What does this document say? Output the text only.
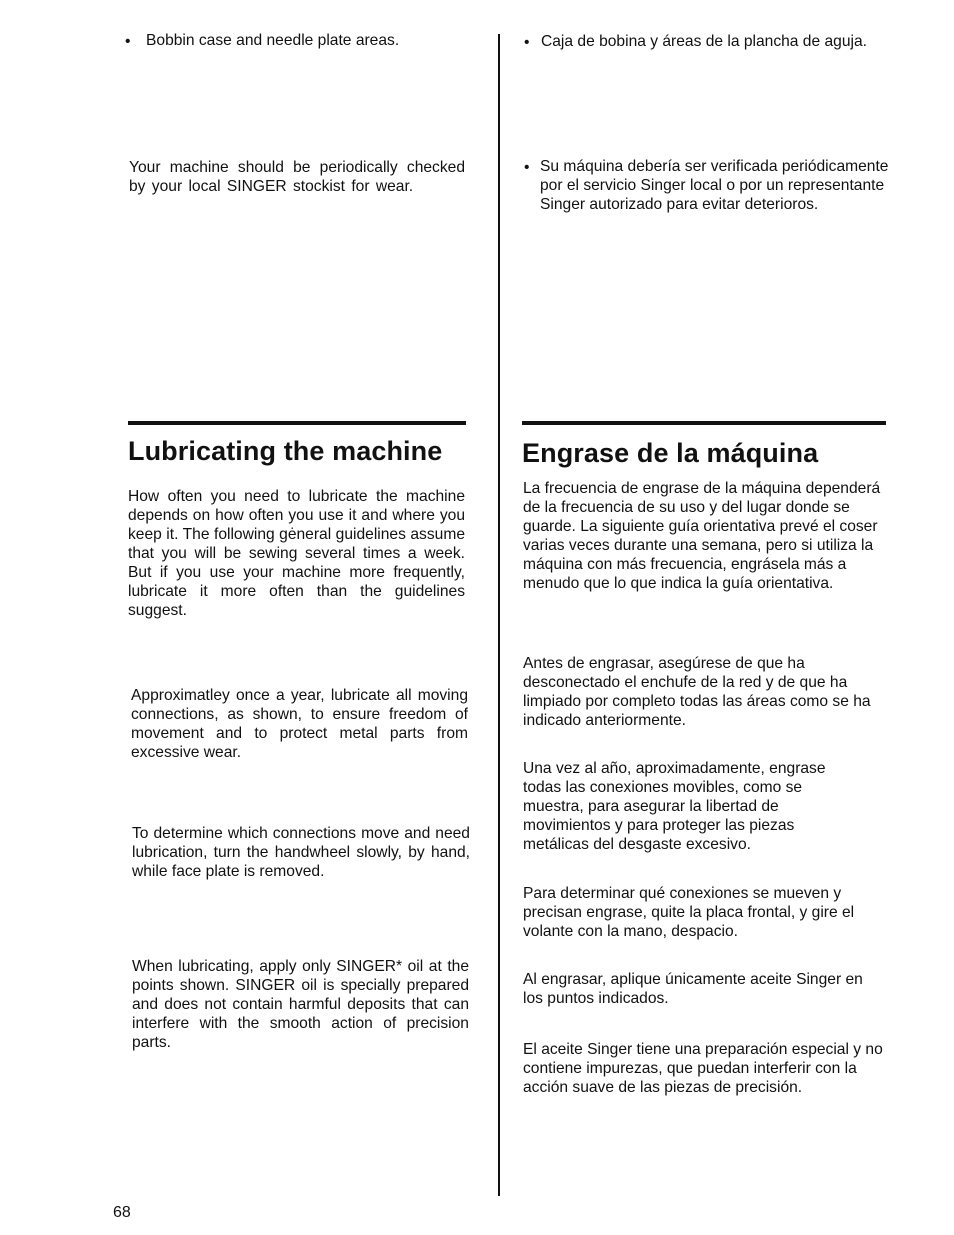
• Bobbin case and needle plate areas.

Your machine should be periodically checked by your local SINGER stockist for wear.

Lubricating the machine

How often you need to lubricate the machine depends on how often you use it and where you keep it. The following gėneral guidelines assume that you will be sewing several times a week. But if you use your machine more frequently, lubricate it more often than the guidelines suggest.

Approximatley once a year, lubricate all moving connections, as shown, to ensure freedom of movement and to protect metal parts from excessive wear.

To determine which connections move and need lubrication, turn the handwheel slowly, by hand, while face plate is removed.

When lubricating, apply only SINGER* oil at the points shown. SINGER oil is specially prepared and does not contain harmful deposits that can interfere with the smooth action of precision parts.

• Caja de bobina y áreas de la plancha de aguja.

• Su máquina debería ser verificada periódicamente por el servicio Singer local o por un representante Singer autorizado para evitar deterioros.

Engrase de la máquina

La frecuencia de engrase de la máquina dependerá de la frecuencia de su uso y del lugar donde se guarde. La siguiente guía orientativa prevé el coser varias veces durante una semana, pero si utiliza la máquina con más frecuencia, engrásela más a menudo que lo que indica la guía orientativa.

Antes de engrasar, asegúrese de que ha desconectado el enchufe de la red y de que ha limpiado por completo todas las áreas como se ha indicado anteriormente.

Una vez al año, aproximadamente, engrase todas las conexiones movibles, como se muestra, para asegurar la libertad de movimientos y para proteger las piezas metálicas del desgaste excesivo.

Para determinar qué conexiones se mueven y precisan engrase, quite la placa frontal, y gire el volante con la mano, despacio.

Al engrasar, aplique únicamente aceite Singer en los puntos indicados.

El aceite Singer tiene una preparación especial y no contiene impurezas, que puedan interferir con la acción suave de las piezas de precisión.

68
